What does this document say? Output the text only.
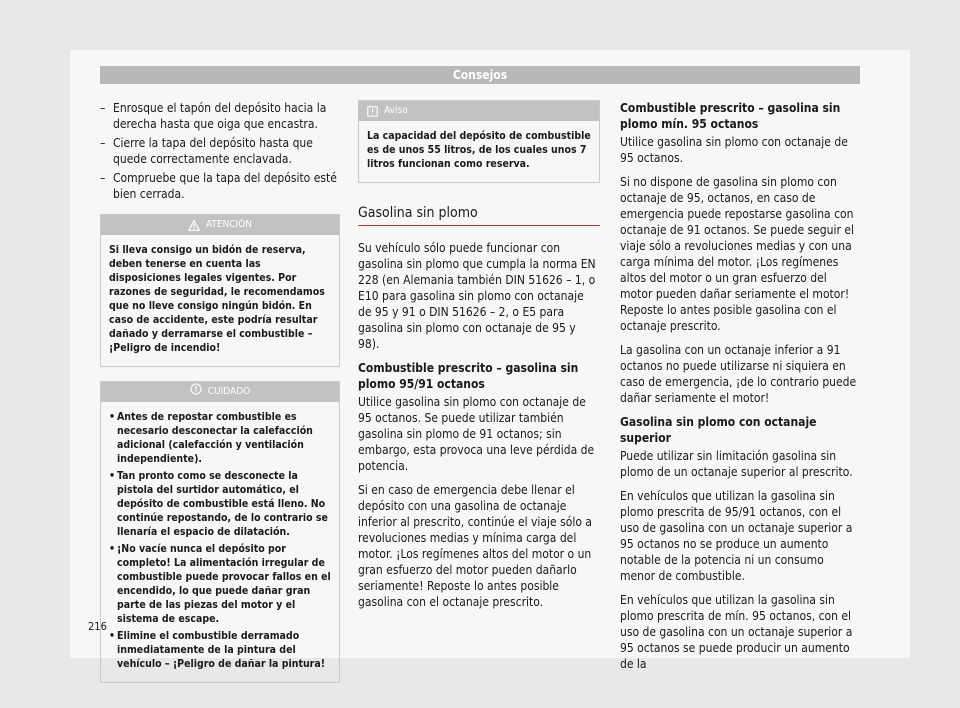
Consejos
– Enrosque el tapón del depósito hacia la derecha hasta que oiga que encastra.
– Cierre la tapa del depósito hasta que quede correctamente enclavada.
– Compruebe que la tapa del depósito esté bien cerrada.
ATENCIÓN

Si lleva consigo un bidón de reserva, deben tenerse en cuenta las disposiciones legales vigentes. Por razones de seguridad, le recomendamos que no lleve consigo ningún bidón. En caso de accidente, este podría resultar dañado y derramarse el combustible – ¡Peligro de incendio!

CUIDADO
• Antes de repostar combustible es necesario desconectar la calefacción adicional (calefacción y ventilación independiente).
• Tan pronto como se desconecte la pistola del surtidor automático, el depósito de combustible está lleno. No continúe repostando, de lo contrario se llenaría el espacio de dilatación.
• ¡No vacíe nunca el depósito por completo! La alimentación irregular de combustible puede provocar fallos en el encendido, lo que puede dañar gran parte de las piezas del motor y el sistema de escape.
• Elimine el combustible derramado inmediatamente de la pintura del vehículo – ¡Peligro de dañar la pintura!
Aviso

La capacidad del depósito de combustible es de unos 55 litros, de los cuales unos 7 litros funcionan como reserva.

Gasolina sin plomo

Su vehículo sólo puede funcionar con gasolina sin plomo que cumpla la norma EN 228 (en Alemania también DIN 51626 – 1, o E10 para gasolina sin plomo con octanaje de 95 y 91 o DIN 51626 – 2, o E5 para gasolina sin plomo con octanaje de 95 y 98).

Combustible prescrito – gasolina sin plomo 95/91 octanos

Utilice gasolina sin plomo con octanaje de 95 octanos. Se puede utilizar también gasolina sin plomo de 91 octanos; sin embargo, esta provoca una leve pérdida de potencia.

Si en caso de emergencia debe llenar el depósito con una gasolina de octanaje inferior al prescrito, continúe el viaje sólo a revoluciones medias y mínima carga del motor. ¡Los regímenes altos del motor o un gran esfuerzo del motor pueden dañarlo seriamente! Reposte lo antes posible gasolina con el octanaje prescrito.

Combustible prescrito – gasolina sin plomo mín. 95 octanos

Utilice gasolina sin plomo con octanaje de 95 octanos.

Si no dispone de gasolina sin plomo con octanaje de 95, octanos, en caso de emergencia puede repostarse gasolina con octanaje de 91 octanos. Se puede seguir el viaje sólo a revoluciones medias y con una carga mínima del motor. ¡Los regímenes altos del motor o un gran esfuerzo del motor pueden dañar seriamente el motor! Reposte lo antes posible gasolina con el octanaje prescrito.

La gasolina con un octanaje inferior a 91 octanos no puede utilizarse ni siquiera en caso de emergencia, ¡de lo contrario puede dañar seriamente el motor!

Gasolina sin plomo con octanaje superior

Puede utilizar sin limitación gasolina sin plomo de un octanaje superior al prescrito.

En vehículos que utilizan la gasolina sin plomo prescrita de 95/91 octanos, con el uso de gasolina con un octanaje superior a 95 octanos no se produce un aumento notable de la potencia ni un consumo menor de combustible.

En vehículos que utilizan la gasolina sin plomo prescrita de mín. 95 octanos, con el uso de gasolina con un octanaje superior a 95 octanos se puede producir un aumento de la

216
